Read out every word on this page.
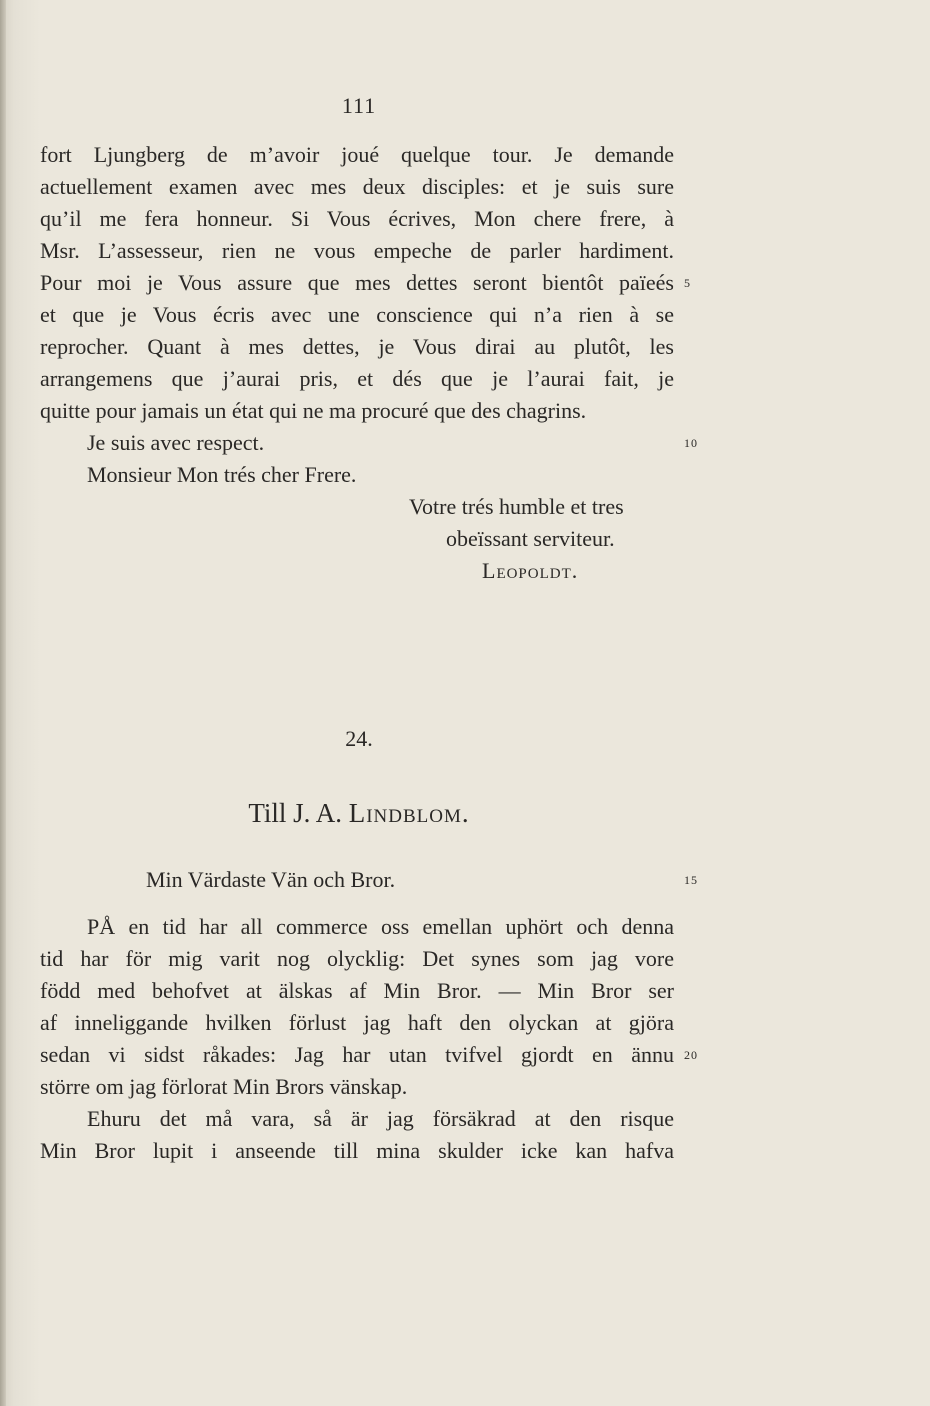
111
fort Ljungberg de m’avoir joué quelque tour. Je demande
actuellement examen avec mes deux disciples: et je suis sure
qu’il me fera honneur. Si Vous écrives, Mon chere frere, à
Msr. L’assesseur, rien ne vous empeche de parler hardiment.
Pour moi je Vous assure que mes dettes seront bientôt païeés 5
et que je Vous écris avec une conscience qui n’a rien à se
reprocher. Quant à mes dettes, je Vous dirai au plutôt, les
arrangemens que j’aurai pris, et dés que je l’aurai fait, je
quitte pour jamais un état qui ne ma procuré que des chagrins.
Je suis avec respect.	10
Monsieur Mon trés cher Frere.
Votre trés humble et tres
obeïssant serviteur.
Leopoldt.
24.
Till J. A. Lindblom.
Min Värdaste Vän och Bror.	15
PÅ en tid har all commerce oss emellan uphört och denna
tid har för mig varit nog olycklig: Det synes som jag vore
född med behofvet at älskas af Min Bror. — Min Bror ser
af inneliggande hvilken förlust jag haft den olyckan at gjöra
sedan vi sidst råkades: Jag har utan tvifvel gjordt en ännu 20
större om jag förlorat Min Brors vänskap.
Ehuru det må vara, så är jag försäkrad at den risque
Min Bror lupit i anseende till mina skulder icke kan hafva
